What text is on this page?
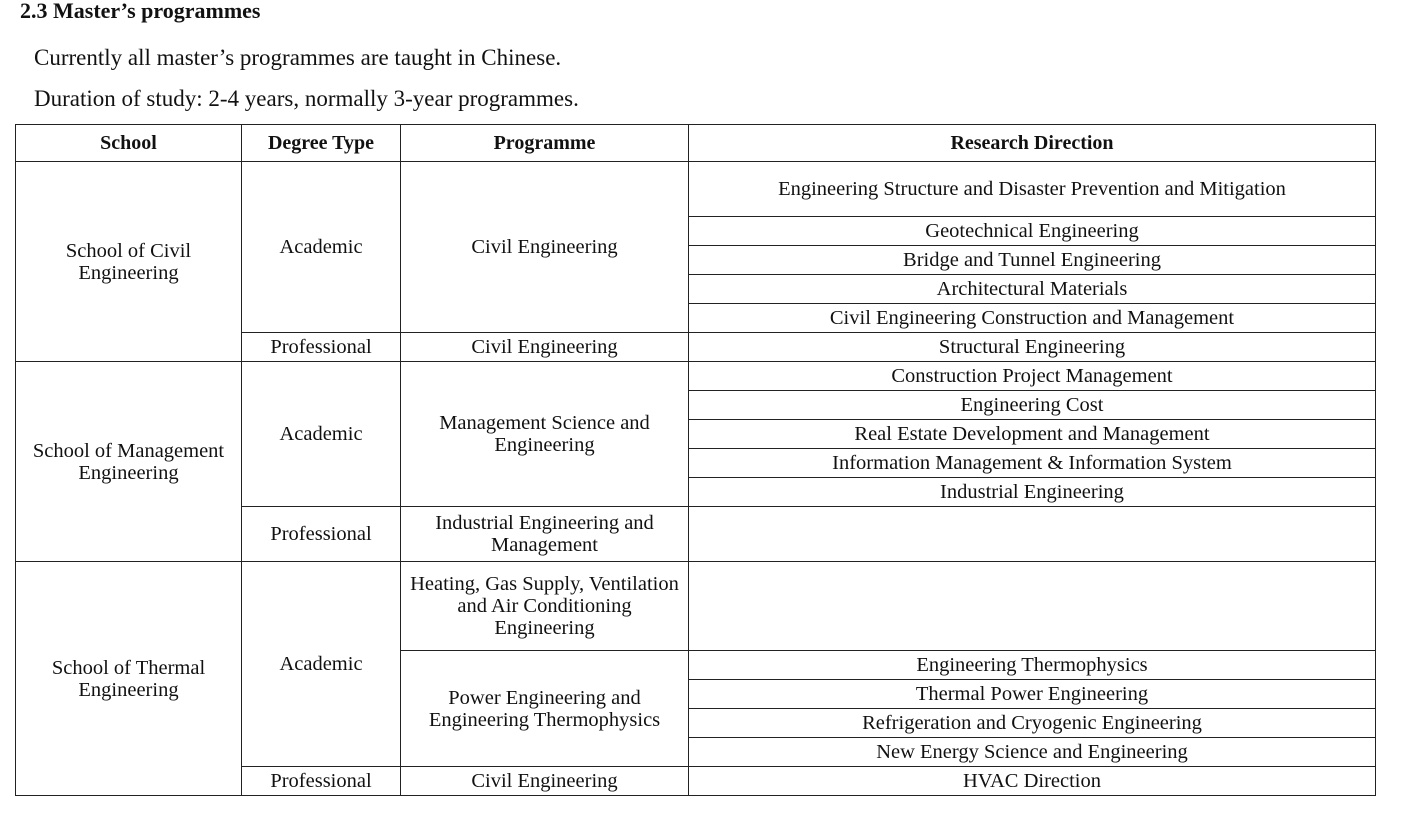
2.3 Master’s programmes

Currently all master’s programmes are taught in Chinese.

Duration of study: 2-4 years, normally 3-year programmes.

School	Degree Type	Programme	Research Direction
School of Civil Engineering	Academic	Civil Engineering	Engineering Structure and Disaster Prevention and Mitigation
			Geotechnical Engineering
			Bridge and Tunnel Engineering
			Architectural Materials
			Civil Engineering Construction and Management
	Professional	Civil Engineering	Structural Engineering
School of Management Engineering	Academic	Management Science and Engineering	Construction Project Management
			Engineering Cost
			Real Estate Development and Management
			Information Management & Information System
			Industrial Engineering
	Professional	Industrial Engineering and Management	
School of Thermal Engineering	Academic	Heating, Gas Supply, Ventilation and Air Conditioning Engineering	
		Power Engineering and Engineering Thermophysics	Engineering Thermophysics
			Thermal Power Engineering
			Refrigeration and Cryogenic Engineering
			New Energy Science and Engineering
	Professional	Civil Engineering	HVAC Direction
